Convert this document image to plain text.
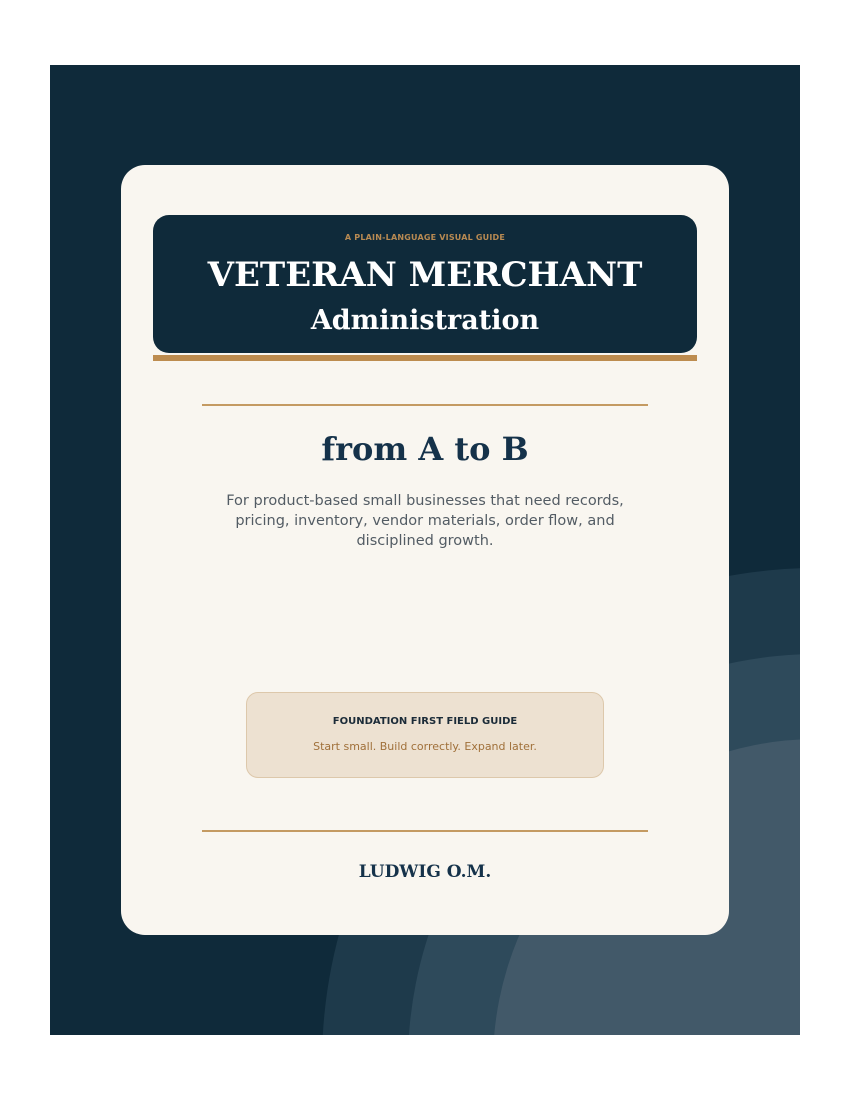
A PLAIN-LANGUAGE VISUAL GUIDE
VETERAN MERCHANT
Administration
from A to B
For product-based small businesses that need records, pricing, inventory, vendor materials, order flow, and disciplined growth.
FOUNDATION FIRST FIELD GUIDE
Start small. Build correctly. Expand later.
LUDWIG O.M.
